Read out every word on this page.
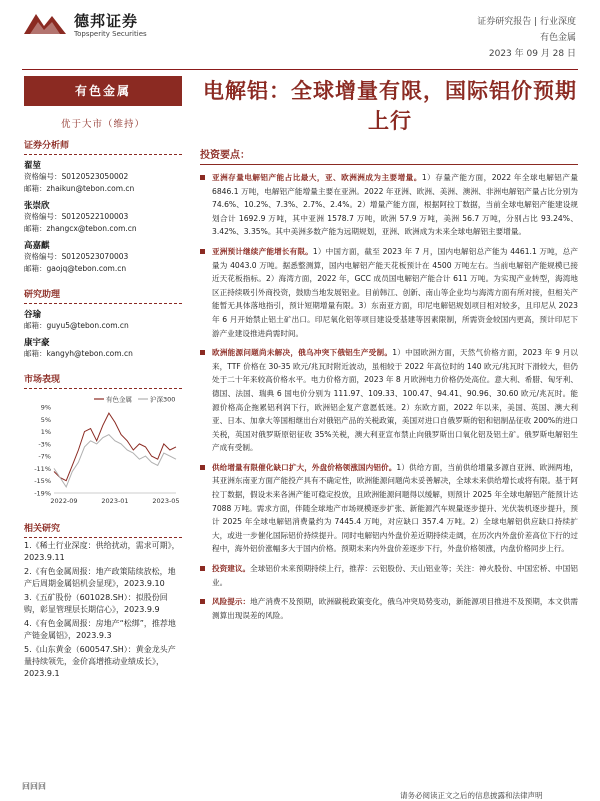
德邦证券
Topsperity Securities
证券研究报告 | 行业深度
有色金属
2023 年 09 月 28 日
电解铝：全球增量有限，国际铝价预期上行
有色金属
优于大市（维持）
证券分析师
翟堃
资格编号：S0120523050002
邮箱：zhaikun@tebon.com.cn
张崇欣
资格编号：S0120522100003
邮箱：zhangcx@tebon.com.cn
高嘉麒
资格编号：S0120523070003
邮箱：gaojq@tebon.com.cn
研究助理
谷瑜
邮箱：guyu5@tebon.com.cn
康宇豪
邮箱：kangyh@tebon.com.cn
市场表现
9%
5%
1%
-3%
-7%
-11%
-15%
-19%
2022-09	2023-01	2023-05
有色金属	沪深300
相关研究
1.《稀土行业深度：供给扰动，需求可期》，2023.9.11
2.《有色金属周报：地产政策陆续放松，地产后周期金属铝机会显现》，2023.9.10
3.《五矿股份（601028.SH）：拟股份回购，彰显管理层长期信心》，2023.9.9
4.《有色金属周报：房地产“松绑”，推荐地产链金属铝》，2023.9.3
5.《山东黄金（600547.SH）：黄金龙头产量持续领先，金价高增推动业绩成长》，2023.9.1
投资要点：
亚洲存量电解铝产能占比最大，亚、欧洲洲成为主要增量。1）存量产能方面，2022 年全球电解铝产量 6846.1 万吨，电解铝产能增量主要在亚洲。2022 年亚洲、欧洲、美洲、澳洲、非洲电解铝产量占比分别为 74.6%、10.2%、7.3%、2.7%、2.4%。2）增量产能方面，根据阿拉丁数据，当前全球电解铝产能建设规划合计 1692.9 万吨，其中亚洲 1578.7 万吨，欧洲 57.9 万吨，美洲 56.7 万吨，分别占比 93.24%、3.42%、3.35%。其中美洲多数产能为远期规划，亚洲、欧洲成为未来全球电解铝主要增量。
亚洲预计继续产能增长有限。1）中国方面，截至 2023 年 7 月，国内电解铝总产能为 4461.1 万吨，总产量为 4043.0 万吨。据悉整测算，国内电解铝产能天花板预计在 4500 万吨左右。当前电解铝产能规模已接近天花板指标。2）海湾方面，2022 年，GCC 成员国电解铝产能合计 611 万吨。为实现产业转型，海湾地区正持续吸引外商投资，鼓励当地发展铝业。目前韩江、创新、南山等企业均与海湾方面有所对接，但相关产能暂无具体落地指引，预计短期增量有限。3）东南亚方面，印尼电解铝规划项目相对较多，且印尼从 2023 年 6 月开始禁止铝土矿出口。印尼氧化铝等项目建设受基建等因素限制，所需资金较国内更高，预计印尼下游产业建设推进尚需时间。
欧洲能源问题尚未解决，俄乌冲突下俄铝生产受制。1）中国欧洲方面，天然气价格方面，2023 年 9 月以来，TTF 价格在 30-35 欧元/兆瓦时附近波动，虽相较于 2022 年高位时的 140 欧元/兆瓦时下滑较大，但仍处于二十年来较高价格水平。电力价格方面，2023 年 8 月欧洲电力价格仍处高位。意大利、希腊、匈牙利、德国、法国、瑞典 6 国电价分别为 111.97、109.33、100.47、94.41、90.96、30.60 欧元/兆瓦时。能源价格高企拖累铝利润下行，欧洲铝企复产意愿低迷。2）东欧方面，2022 年以来，美国、英国、澳大利亚、日本、加拿大等国相继出台对俄铝产品的关税政策，美国对进口自俄罗斯的铝和铝制品征收 200%的进口关税，英国对俄罗斯原铝征收 35%关税，澳大利亚宣布禁止向俄罗斯出口氧化铝及铝土矿。俄罗斯电解铝生产成有受制。
供给增量有限催化缺口扩大，外盘价格领涨国内铝价。1）供给方面，当前供给增量多源自亚洲、欧洲两地，其亚洲东南亚方面产能投产具有不确定性，欧洲能源问题尚未妥善解决，全球未来供给增长或将有限。基于阿拉丁数据，假设未来各洲产能可稳定投放，且欧洲能源问题得以缓解，则预计 2025 年全球电解铝产能预计达 7088 万吨。需求方面，伴随全球地产市场规模逐步扩张、新能源汽车规量逐步提升、光伏装机逐步提升，预计 2025 年全球电解铝消费量约为 7445.4 万吨，对应缺口 357.4 万吨。2）全球电解铝供应缺口持续扩大，或进一步催化国际铝价持续提升。同时电解铝内外盘价差近期持续走阔，在历次内外盘价差高位下行的过程中，海外铝价涨幅多大于国内价格。预期未来内外盘价差逐步下行，外盘价格领涨，内盘价格同步上行。
投资建议。全球铝价未来预期持续上行，推荐：云铝股份、天山铝业等；关注：神火股份、中国宏桥、中国铝业。
风险提示：地产消费不及预期，欧洲碳税政策变化，俄乌冲突局势变动，新能源项目推进不及预期，本文供需测算出现误差的风险。
回回回
请务必阅读正文之后的信息披露和法律声明
